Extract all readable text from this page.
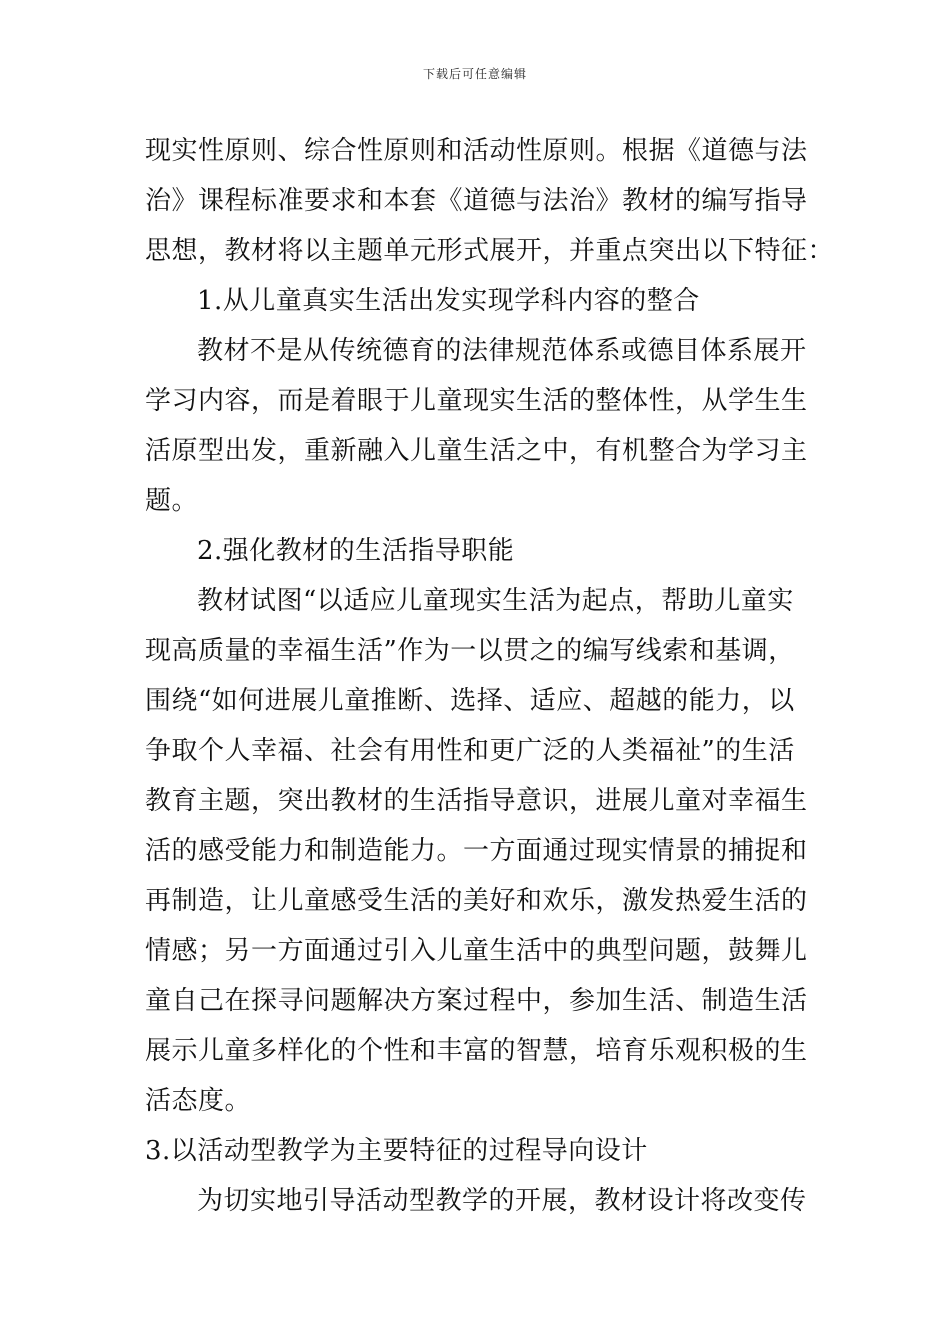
下载后可任意编辑
现实性原则、综合性原则和活动性原则。根据《道德与法
治》课程标准要求和本套《道德与法治》教材的编写指导
思想，教材将以主题单元形式展开，并重点突出以下特征：
1.从儿童真实生活出发实现学科内容的整合
教材不是从传统德育的法律规范体系或德目体系展开
学习内容，而是着眼于儿童现实生活的整体性，从学生生
活原型出发，重新融入儿童生活之中，有机整合为学习主
题。
2.强化教材的生活指导职能
教材试图“以适应儿童现实生活为起点，帮助儿童实
现高质量的幸福生活”作为一以贯之的编写线索和基调，
围绕“如何进展儿童推断、选择、适应、超越的能力，以
争取个人幸福、社会有用性和更广泛的人类福祉”的生活
教育主题，突出教材的生活指导意识，进展儿童对幸福生
活的感受能力和制造能力。一方面通过现实情景的捕捉和
再制造，让儿童感受生活的美好和欢乐，激发热爱生活的
情感；另一方面通过引入儿童生活中的典型问题，鼓舞儿
童自己在探寻问题解决方案过程中，参加生活、制造生活
展示儿童多样化的个性和丰富的智慧，培育乐观积极的生
活态度。
3.以活动型教学为主要特征的过程导向设计
为切实地引导活动型教学的开展，教材设计将改变传
